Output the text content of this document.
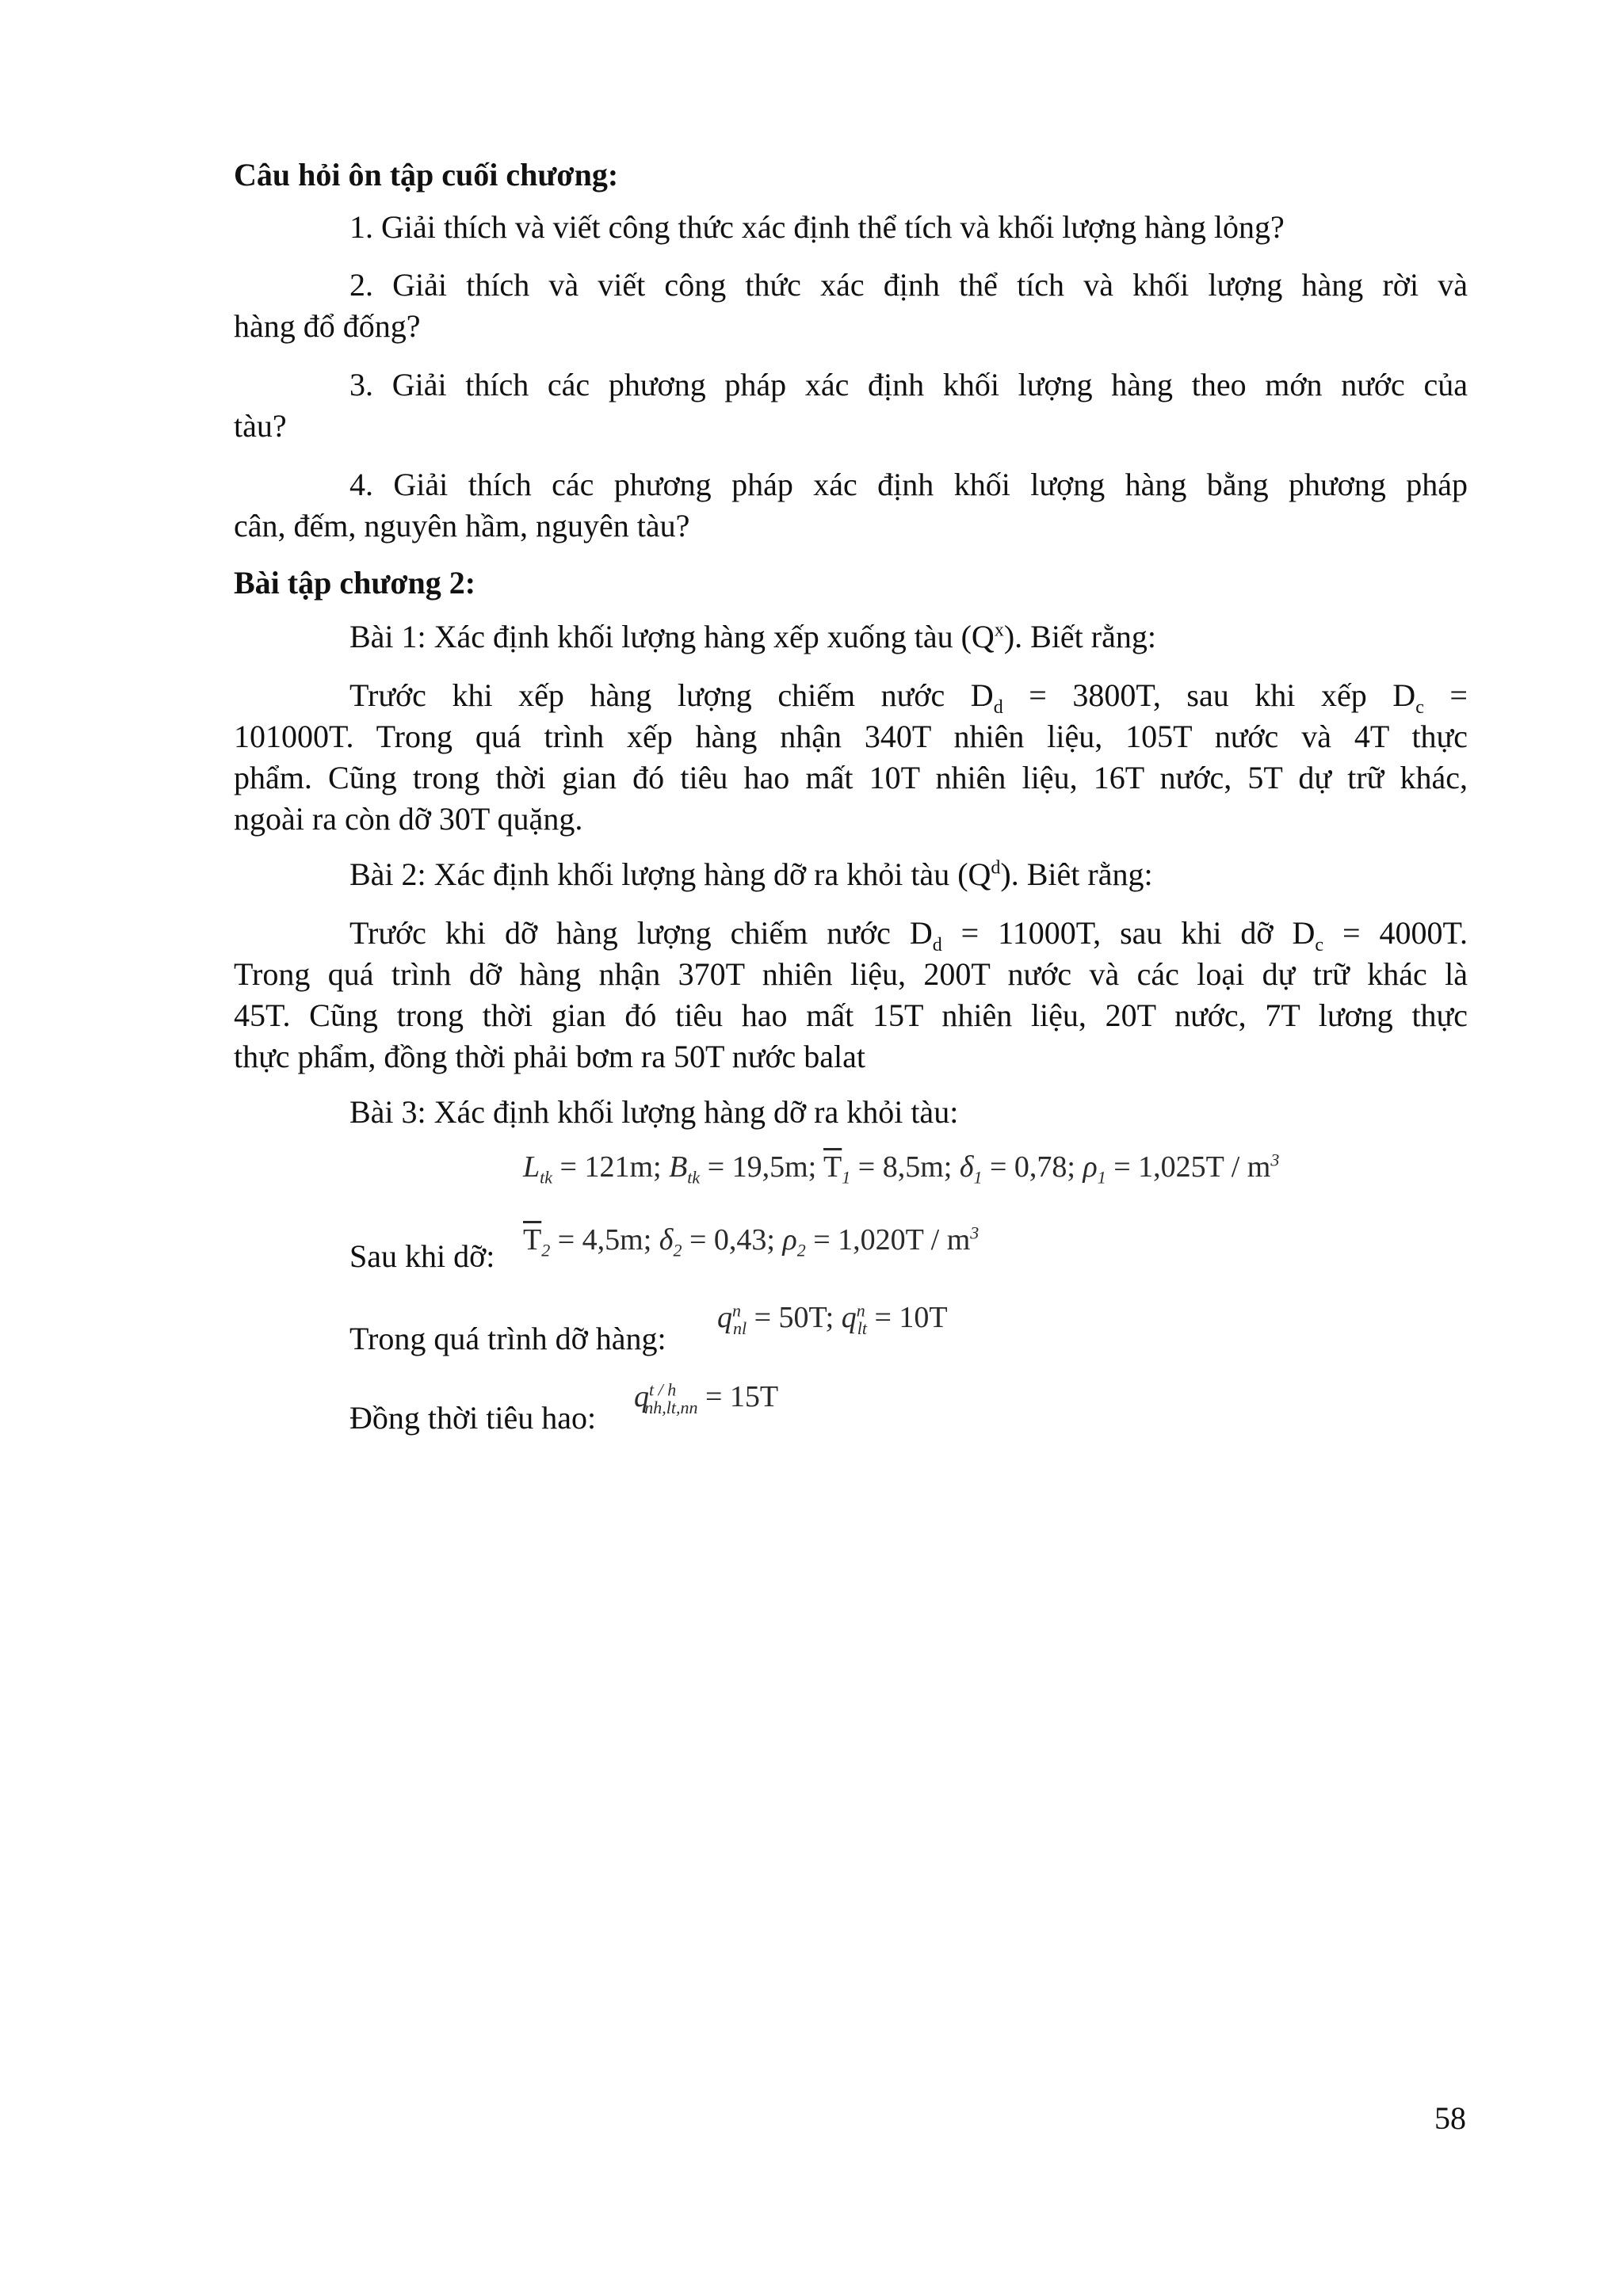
Câu hỏi ôn tập cuối chương:
1. Giải thích và viết công thức xác định thể tích và khối lượng hàng lỏng?
2. Giải thích và viết công thức xác định thể tích và khối lượng hàng rời và
hàng đổ đống?
3. Giải thích các phương pháp xác định khối lượng hàng theo mớn nước của
tàu?
4. Giải thích các phương pháp xác định khối lượng hàng bằng phương pháp
cân, đếm, nguyên hầm, nguyên tàu?
Bài tập chương 2:
Bài 1: Xác định khối lượng hàng xếp xuống tàu $(Q^x)$. Biết rằng:
Trước khi xếp hàng lượng chiếm nước $D_d = 3800T$, sau khi xếp $D_c$ =
101000T. Trong quá trình xếp hàng nhận 340T nhiên liệu, 105T nước và 4T thực
phẩm. Cũng trong thời gian đó tiêu hao mất 10T nhiên liệu, 16T nước, 5T dự trữ khác,
ngoài ra còn dỡ 30T quặng.
Bài 2: Xác định khối lượng hàng dỡ ra khỏi tàu $(Q^d)$. Biêt rằng:
Trước khi dỡ hàng lượng chiếm nước $D_d = 11000T$, sau khi dỡ $D_c = 4000T$.
Trong quá trình dỡ hàng nhận 370T nhiên liệu, 200T nước và các loại dự trữ khác là
45T. Cũng trong thời gian đó tiêu hao mất 15T nhiên liệu, 20T nước, 7T lương thực
thực phẩm, đồng thời phải bơm ra 50T nước balat
Bài 3: Xác định khối lượng hàng dỡ ra khỏi tàu:
$L_{tk} = 121m$; $B_{tk} = 19,5m$; $\overline{T}_1 = 8,5m$; $\delta_1 = 0,78$; $\rho_1 = 1,025T / m^3$
Sau khi dỡ: $\overline{T}_2 = 4,5m$; $\delta_2 = 0,43$; $\rho_2 = 1,020T / m^3$
Trong quá trình dỡ hàng:
$q^n_{nl} = 50T$; $q^n_{lt} = 10T$
Đồng thời tiêu hao:
$q^{t / h}_{nh,lt,nn} = 15T$
58
